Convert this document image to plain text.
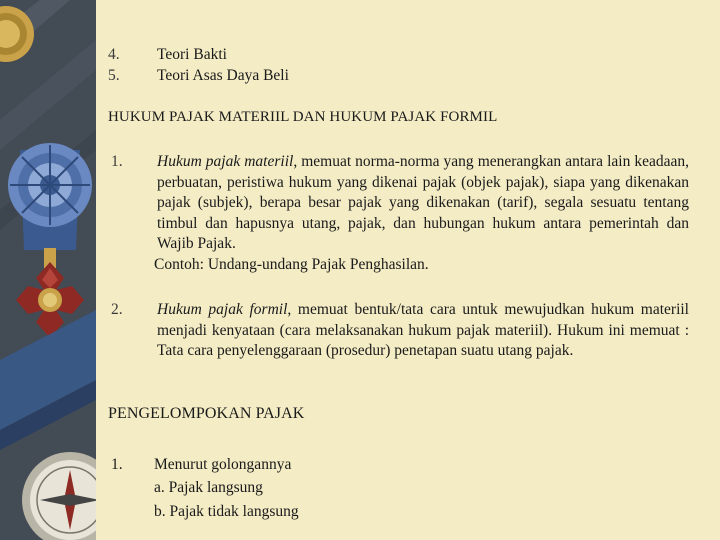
4. Teori Bakti
5. Teori Asas Daya Beli
HUKUM PAJAK MATERIIL DAN HUKUM PAJAK FORMIL
1. Hukum pajak materiil, memuat norma-norma yang menerangkan antara lain keadaan, perbuatan, peristiwa hukum yang dikenai pajak (objek pajak), siapa yang dikenakan pajak (subjek), berapa besar pajak yang dikenakan (tarif), segala sesuatu tentang timbul dan hapusnya utang, pajak, dan hubungan hukum antara pemerintah dan Wajib Pajak.
Contoh: Undang-undang Pajak Penghasilan.
2. Hukum pajak formil, memuat bentuk/tata cara untuk mewujudkan hukum materiil menjadi kenyataan (cara melaksanakan hukum pajak materiil). Hukum ini memuat : Tata cara penyelenggaraan (prosedur) penetapan suatu utang pajak.
PENGELOMPOKAN PAJAK
1. Menurut golongannya
a. Pajak langsung
b. Pajak tidak langsung
